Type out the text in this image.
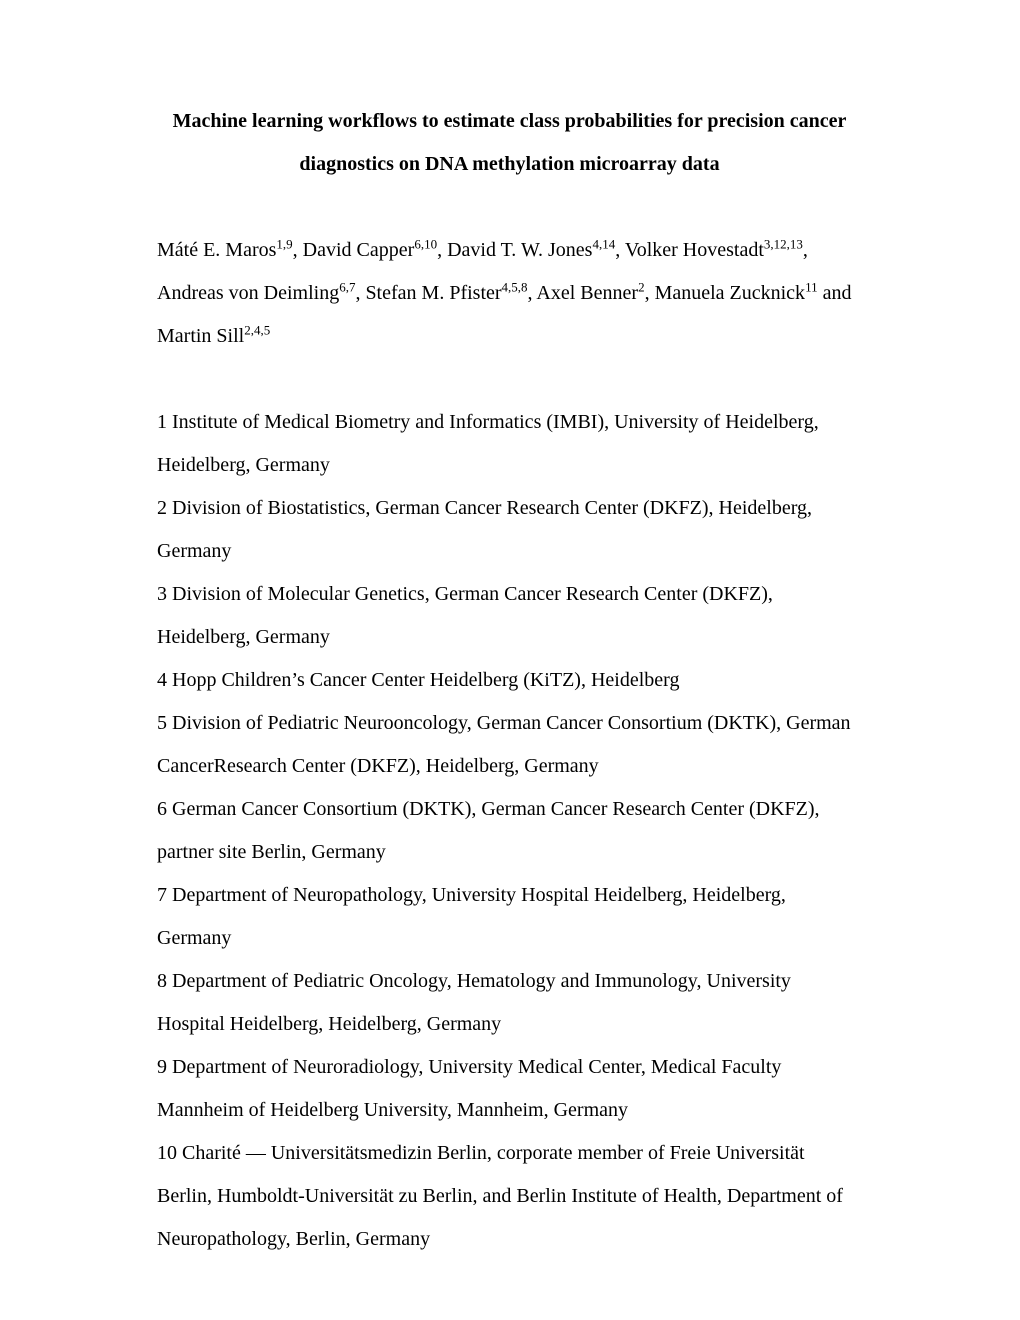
Machine learning workflows to estimate class probabilities for precision cancer
diagnostics on DNA methylation microarray data

Máté E. Maros$^{1,9}$, David Capper$^{6,10}$, David T. W. Jones$^{4,14}$, Volker Hovestadt$^{3,12,13}$, Andreas von Deimling$^{6,7}$, Stefan M. Pfister$^{4,5,8}$, Axel Benner$^2$, Manuela Zucknick$^{11}$ and Martin Sill$^{2,4,5}$

1 Institute of Medical Biometry and Informatics (IMBI), University of Heidelberg, Heidelberg, Germany

2 Division of Biostatistics, German Cancer Research Center (DKFZ), Heidelberg, Germany

3 Division of Molecular Genetics, German Cancer Research Center (DKFZ), Heidelberg, Germany

4 Hopp Children’s Cancer Center Heidelberg (KiTZ), Heidelberg

5 Division of Pediatric Neurooncology, German Cancer Consortium (DKTK), German CancerResearch Center (DKFZ), Heidelberg, Germany

6 German Cancer Consortium (DKTK), German Cancer Research Center (DKFZ), partner site Berlin, Germany

7 Department of Neuropathology, University Hospital Heidelberg, Heidelberg, Germany

8 Department of Pediatric Oncology, Hematology and Immunology, University Hospital Heidelberg, Heidelberg, Germany

9 Department of Neuroradiology, University Medical Center, Medical Faculty Mannheim of Heidelberg University, Mannheim, Germany

10 Charité — Universitätsmedizin Berlin, corporate member of Freie Universität Berlin, Humboldt-Universität zu Berlin, and Berlin Institute of Health, Department of Neuropathology, Berlin, Germany
